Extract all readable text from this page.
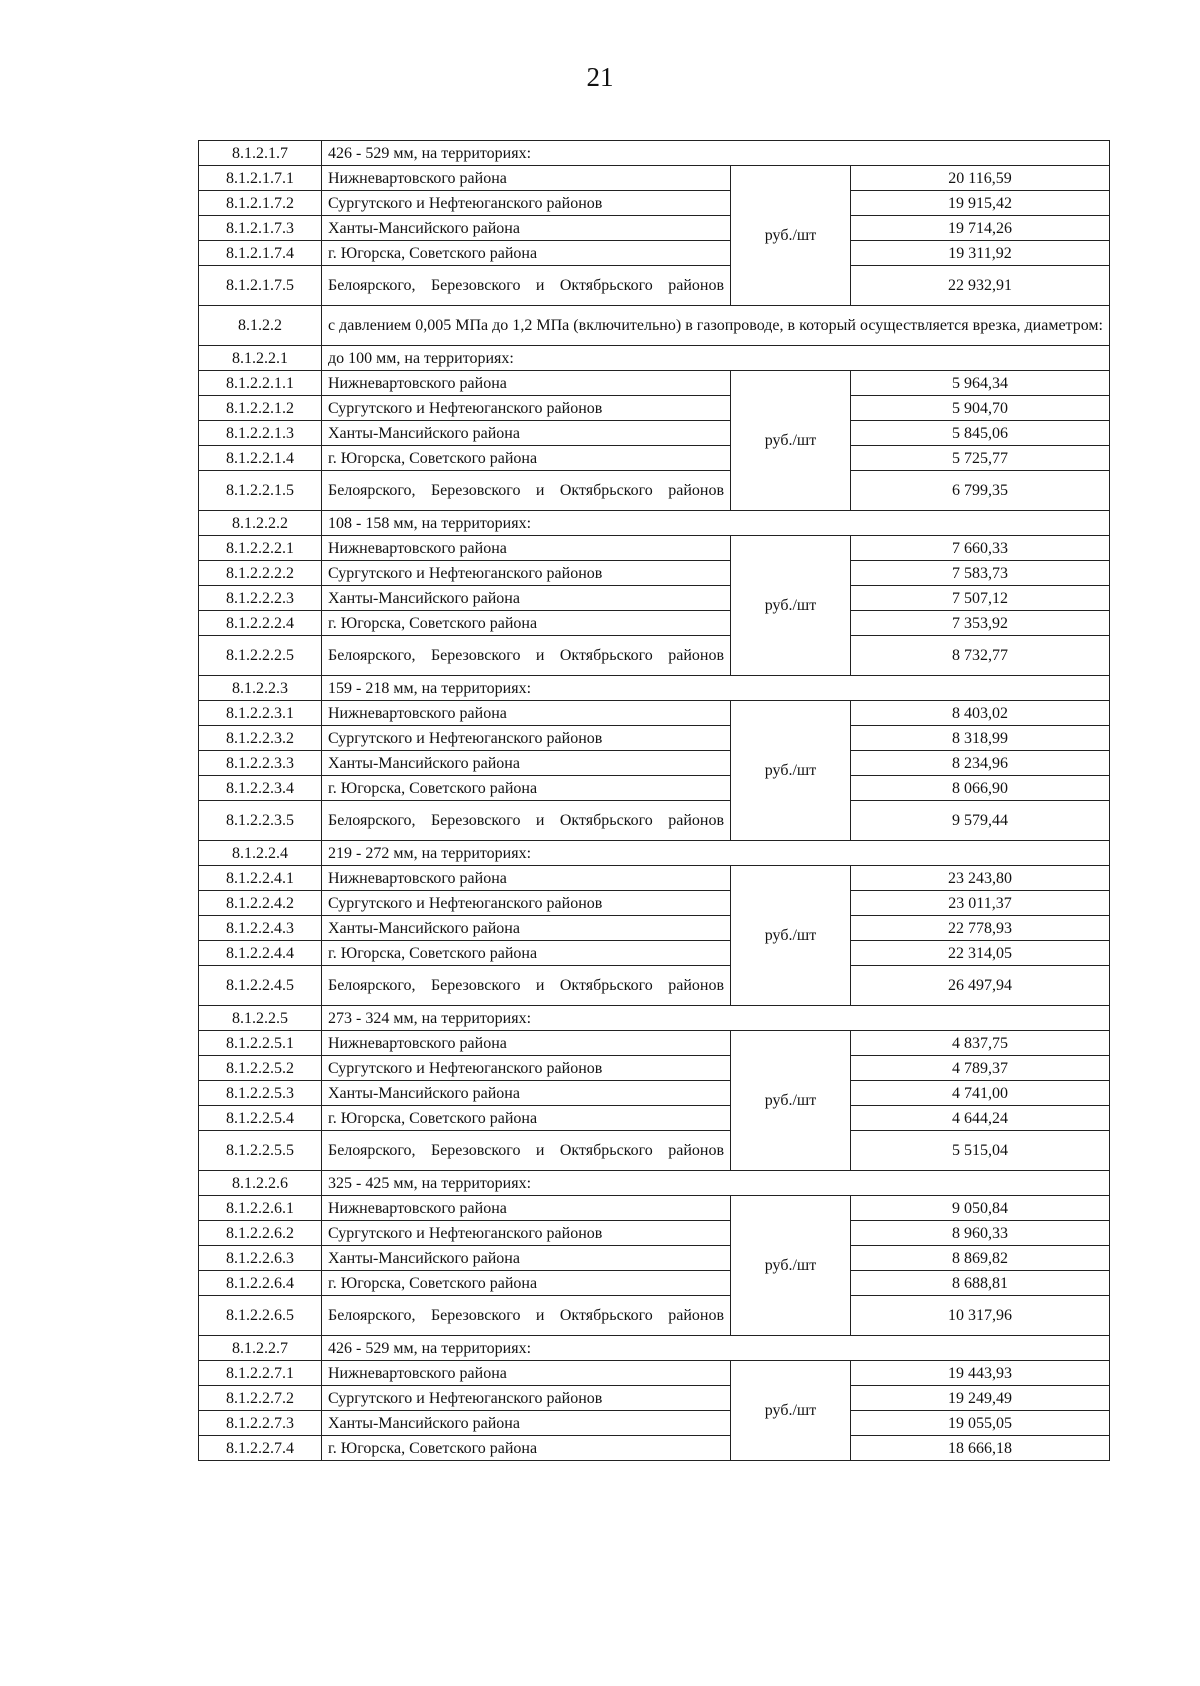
21
8.1.2.1.7	426 - 529 мм, на территориях:		
8.1.2.1.7.1	Нижневартовского района	руб./шт	20 116,59
8.1.2.1.7.2	Сургутского и Нефтеюганского районов		19 915,42
8.1.2.1.7.3	Ханты-Мансийского района		19 714,26
8.1.2.1.7.4	г. Югорска, Советского района		19 311,92
8.1.2.1.7.5	Белоярского, Березовского и Октябрьского районов		22 932,91
8.1.2.2	с давлением 0,005 МПа до 1,2 МПа (включительно) в газопроводе, в который осуществляется врезка, диаметром:		
8.1.2.2.1	до 100 мм, на территориях:		
8.1.2.2.1.1	Нижневартовского района	руб./шт	5 964,34
8.1.2.2.1.2	Сургутского и Нефтеюганского районов		5 904,70
8.1.2.2.1.3	Ханты-Мансийского района		5 845,06
8.1.2.2.1.4	г. Югорска, Советского района		5 725,77
8.1.2.2.1.5	Белоярского, Березовского и Октябрьского районов		6 799,35
8.1.2.2.2	108 - 158 мм, на территориях:		
8.1.2.2.2.1	Нижневартовского района	руб./шт	7 660,33
8.1.2.2.2.2	Сургутского и Нефтеюганского районов		7 583,73
8.1.2.2.2.3	Ханты-Мансийского района		7 507,12
8.1.2.2.2.4	г. Югорска, Советского района		7 353,92
8.1.2.2.2.5	Белоярского, Березовского и Октябрьского районов		8 732,77
8.1.2.2.3	159 - 218 мм, на территориях:		
8.1.2.2.3.1	Нижневартовского района	руб./шт	8 403,02
8.1.2.2.3.2	Сургутского и Нефтеюганского районов		8 318,99
8.1.2.2.3.3	Ханты-Мансийского района		8 234,96
8.1.2.2.3.4	г. Югорска, Советского района		8 066,90
8.1.2.2.3.5	Белоярского, Березовского и Октябрьского районов		9 579,44
8.1.2.2.4	219 - 272 мм, на территориях:		
8.1.2.2.4.1	Нижневартовского района	руб./шт	23 243,80
8.1.2.2.4.2	Сургутского и Нефтеюганского районов		23 011,37
8.1.2.2.4.3	Ханты-Мансийского района		22 778,93
8.1.2.2.4.4	г. Югорска, Советского района		22 314,05
8.1.2.2.4.5	Белоярского, Березовского и Октябрьского районов		26 497,94
8.1.2.2.5	273 - 324 мм, на территориях:		
8.1.2.2.5.1	Нижневартовского района	руб./шт	4 837,75
8.1.2.2.5.2	Сургутского и Нефтеюганского районов		4 789,37
8.1.2.2.5.3	Ханты-Мансийского района		4 741,00
8.1.2.2.5.4	г. Югорска, Советского района		4 644,24
8.1.2.2.5.5	Белоярского, Березовского и Октябрьского районов		5 515,04
8.1.2.2.6	325 - 425 мм, на территориях:		
8.1.2.2.6.1	Нижневартовского района	руб./шт	9 050,84
8.1.2.2.6.2	Сургутского и Нефтеюганского районов		8 960,33
8.1.2.2.6.3	Ханты-Мансийского района		8 869,82
8.1.2.2.6.4	г. Югорска, Советского района		8 688,81
8.1.2.2.6.5	Белоярского, Березовского и Октябрьского районов		10 317,96
8.1.2.2.7	426 - 529 мм, на территориях:		
8.1.2.2.7.1	Нижневартовского района	руб./шт	19 443,93
8.1.2.2.7.2	Сургутского и Нефтеюганского районов		19 249,49
8.1.2.2.7.3	Ханты-Мансийского района		19 055,05
8.1.2.2.7.4	г. Югорска, Советского района		18 666,18
